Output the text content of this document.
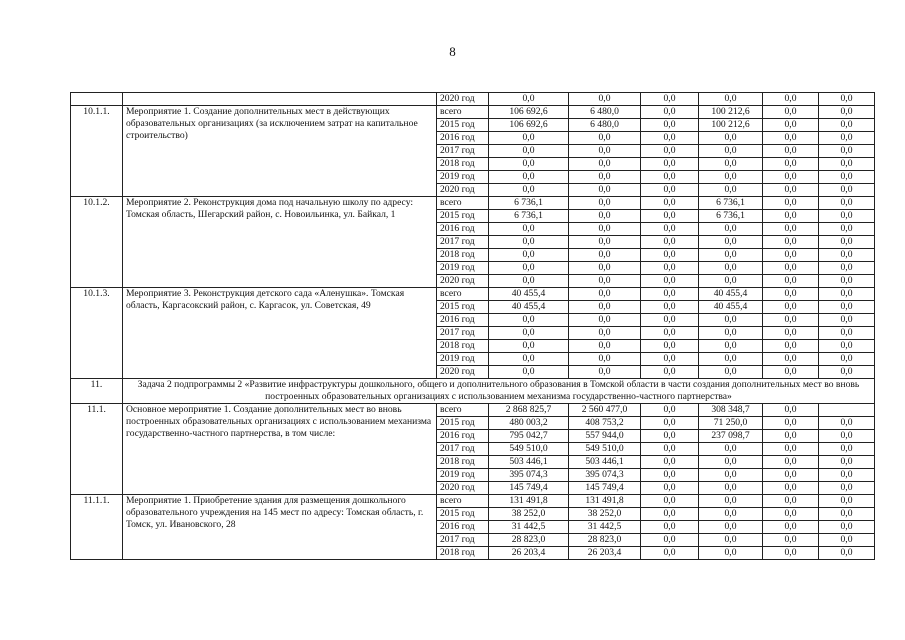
8
		2020 год	0,0	0,0	0,0	0,0	0,0	0,0
10.1.1.	Мероприятие 1. Создание дополнительных мест в действующих образовательных организациях (за исключением затрат на капитальное строительство)	всего	106 692,6	6 480,0	0,0	100 212,6	0,0	0,0
		2015 год	106 692,6	6 480,0	0,0	100 212,6	0,0	0,0
		2016 год	0,0	0,0	0,0	0,0	0,0	0,0
		2017 год	0,0	0,0	0,0	0,0	0,0	0,0
		2018 год	0,0	0,0	0,0	0,0	0,0	0,0
		2019 год	0,0	0,0	0,0	0,0	0,0	0,0
		2020 год	0,0	0,0	0,0	0,0	0,0	0,0
10.1.2.	Мероприятие 2. Реконструкция дома под начальную школу по адресу: Томская область, Шегарский район, с. Новоильинка, ул. Байкал, 1	всего	6 736,1	0,0	0,0	6 736,1	0,0	0,0
		2015 год	6 736,1	0,0	0,0	6 736,1	0,0	0,0
		2016 год	0,0	0,0	0,0	0,0	0,0	0,0
		2017 год	0,0	0,0	0,0	0,0	0,0	0,0
		2018 год	0,0	0,0	0,0	0,0	0,0	0,0
		2019 год	0,0	0,0	0,0	0,0	0,0	0,0
		2020 год	0,0	0,0	0,0	0,0	0,0	0,0
10.1.3.	Мероприятие 3. Реконструкция детского сада «Аленушка». Томская область, Каргасокский район, с. Каргасок, ул. Советская, 49	всего	40 455,4	0,0	0,0	40 455,4	0,0	0,0
		2015 год	40 455,4	0,0	0,0	40 455,4	0,0	0,0
		2016 год	0,0	0,0	0,0	0,0	0,0	0,0
		2017 год	0,0	0,0	0,0	0,0	0,0	0,0
		2018 год	0,0	0,0	0,0	0,0	0,0	0,0
		2019 год	0,0	0,0	0,0	0,0	0,0	0,0
		2020 год	0,0	0,0	0,0	0,0	0,0	0,0
11.	Задача 2 подпрограммы 2 «Развитие инфраструктуры дошкольного, общего и дополнительного образования в Томской области в части создания дополнительных мест во вновь построенных образовательных организациях с использованием механизма государственно-частного партнерства»							
11.1.	Основное мероприятие 1. Создание дополнительных мест во вновь построенных образовательных организациях с использованием механизма государственно-частного партнерства, в том числе:	всего	2 868 825,7	2 560 477,0	0,0	308 348,7	0,0	
		2015 год	480 003,2	408 753,2	0,0	71 250,0	0,0	0,0
		2016 год	795 042,7	557 944,0	0,0	237 098,7	0,0	0,0
		2017 год	549 510,0	549 510,0	0,0	0,0	0,0	0,0
		2018 год	503 446,1	503 446,1	0,0	0,0	0,0	0,0
		2019 год	395 074,3	395 074,3	0,0	0,0	0,0	0,0
		2020 год	145 749,4	145 749,4	0,0	0,0	0,0	0,0
11.1.1.	Мероприятие 1. Приобретение здания для размещения дошкольного образовательного учреждения на 145 мест по адресу: Томская область, г. Томск, ул. Ивановского, 28	всего	131 491,8	131 491,8	0,0	0,0	0,0	0,0
		2015 год	38 252,0	38 252,0	0,0	0,0	0,0	0,0
		2016 год	31 442,5	31 442,5	0,0	0,0	0,0	0,0
		2017 год	28 823,0	28 823,0	0,0	0,0	0,0	0,0
		2018 год	26 203,4	26 203,4	0,0	0,0	0,0	0,0
